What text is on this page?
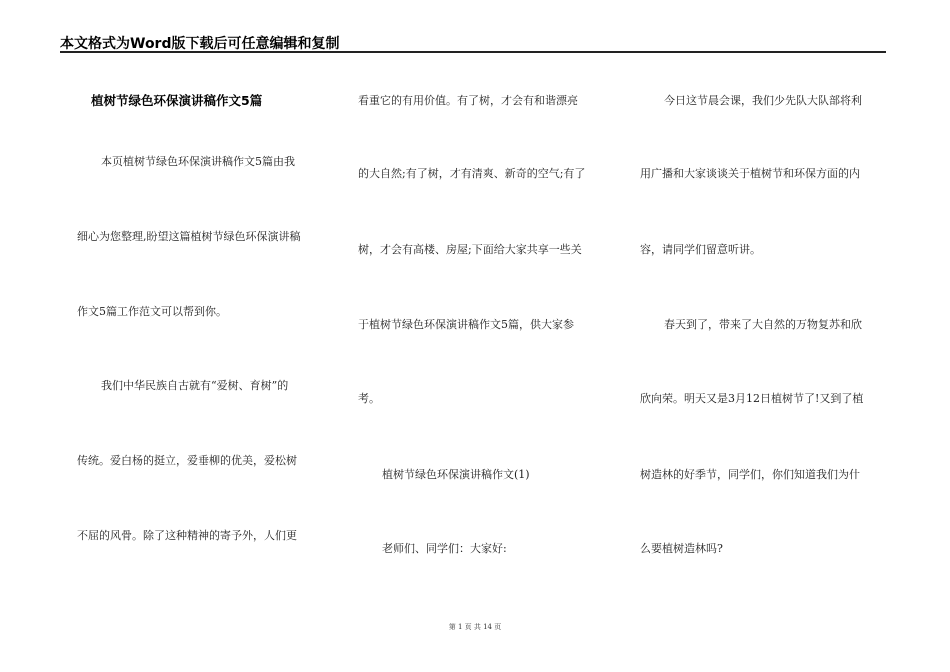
本文格式为Word版下载后可任意编辑和复制
植树节绿色环保演讲稿作文5篇
本页植树节绿色环保演讲稿作文5篇由我
细心为您整理,盼望这篇植树节绿色环保演讲稿
作文5篇工作范文可以帮到你。
我们中华民族自古就有“爱树、育树”的
传统。爱白杨的挺立，爱垂柳的优美，爱松树
不屈的风骨。除了这种精神的寄予外，人们更
看重它的有用价值。有了树，才会有和谐漂亮
的大自然;有了树，才有清爽、新奇的空气;有了
树，才会有高楼、房屋;下面给大家共享一些关
于植树节绿色环保演讲稿作文5篇，供大家参
考。
植树节绿色环保演讲稿作文(1)
老师们、同学们：大家好:
今日这节晨会课，我们少先队大队部将利
用广播和大家谈谈关于植树节和环保方面的内
容，请同学们留意听讲。
春天到了，带来了大自然的万物复苏和欣
欣向荣。明天又是3月12日植树节了!又到了植
树造林的好季节，同学们，你们知道我们为什
么要植树造林吗?
第 1 页 共 14 页
